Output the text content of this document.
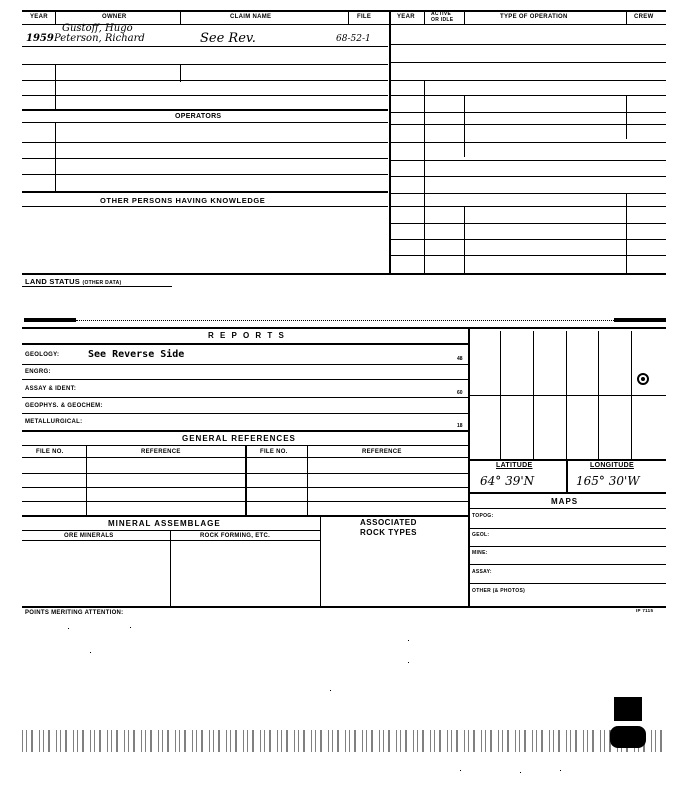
YEAR	OWNER	CLAIM NAME	FILE	YEAR	ACTIVE
OR IDLE	TYPE OF OPERATION	CREW
Gustoff, Hugo
1959 Peterson, Richard	See Rev.	68-52-1
OPERATORS
OTHER PERSONS HAVING KNOWLEDGE
LAND STATUS (OTHER DATA)
R E P O R T S
GEOLOGY:	See Reverse Side	48
ENGRG:
ASSAY & IDENT:
60
GEOPHYS. & GEOCHEM:
METALLURGICAL:
18
GENERAL REFERENCES
FILE NO.	REFERENCE	FILE NO.	REFERENCE
MINERAL ASSEMBLAGE	ASSOCIATED
ROCK TYPES
ORE MINERALS	ROCK FORMING, ETC.
LATITUDE	LONGITUDE
64° 39'N	165° 30'W
MAPS
TOPOG:
GEOL:
MINE:
ASSAY:
OTHER (& PHOTOS)
POINTS MERITING ATTENTION:	IP 7115
